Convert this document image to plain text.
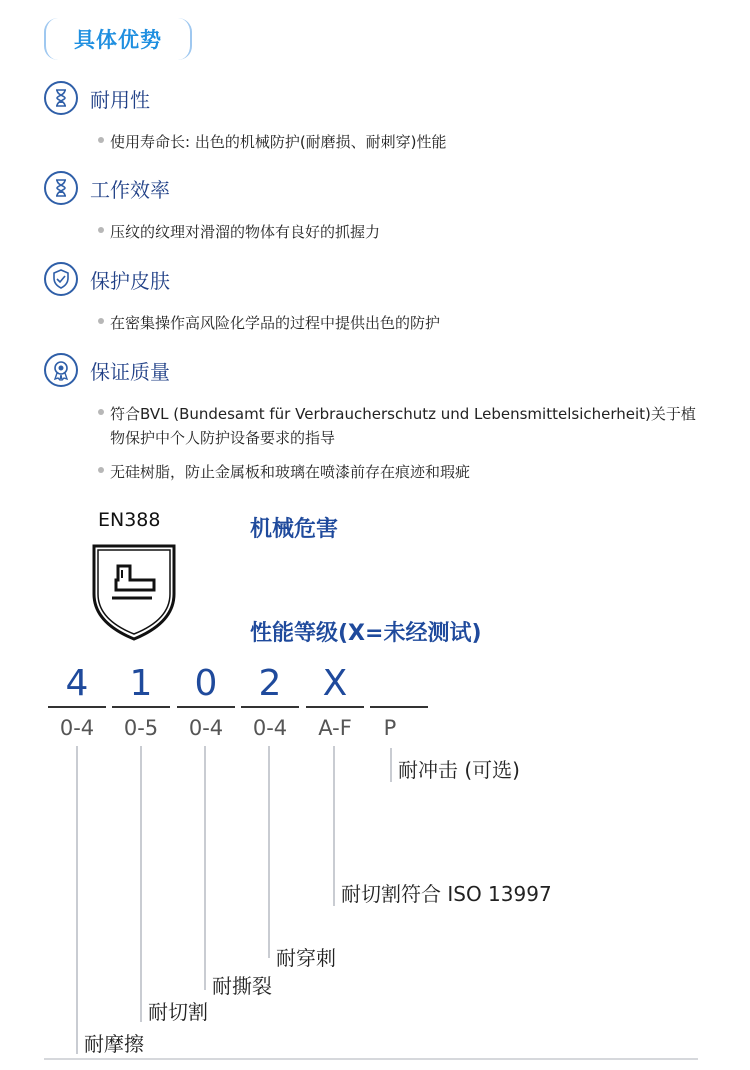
具体优势
耐用性
使用寿命长: 出色的机械防护(耐磨损、耐刺穿)性能
工作效率
压纹的纹理对滑溜的物体有良好的抓握力
保护皮肤
在密集操作高风险化学品的过程中提供出色的防护
保证质量
符合BVL (Bundesamt für Verbraucherschutz und Lebensmittelsicherheit)关于植物保护中个人防护设备要求的指导
无硅树脂，防止金属板和玻璃在喷漆前存在痕迹和瑕疵
EN388	机械危害
性能等级(X=未经测试)
4	1	0	2	X
0-4	0-5	0-4	0-4	A-F	P
耐摩擦
耐切割
耐撕裂
耐穿刺
耐切割符合 ISO 13997
耐冲击 (可选)
